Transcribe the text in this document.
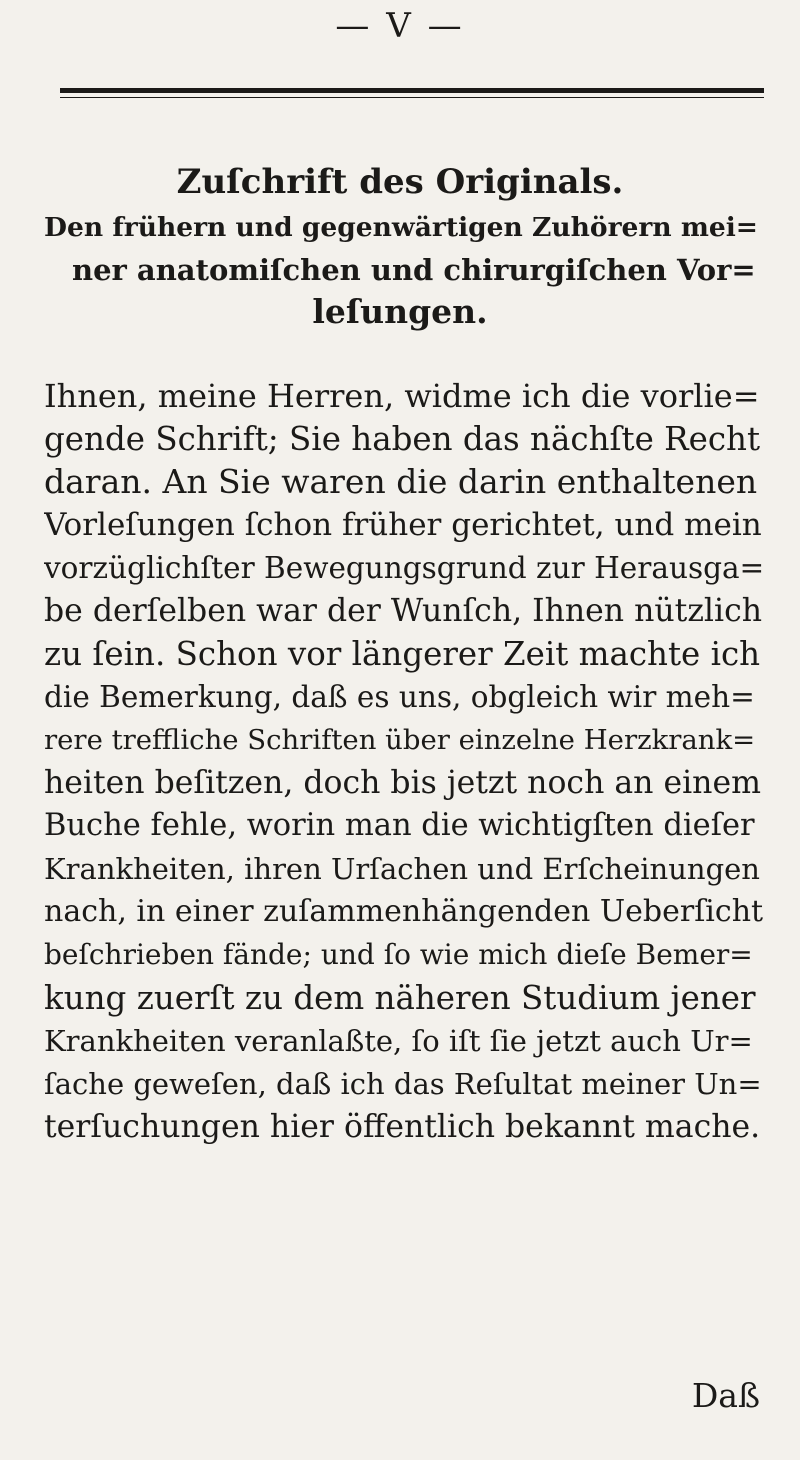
— V —
Zuſchrift des Originals.
Den frühern und gegenwärtigen Zuhörern mei=
ner anatomiſchen und chirurgiſchen Vor=
leſungen.
Ihnen, meine Herren, widme ich die vorlie=
gende Schrift; Sie haben das nächſte Recht
daran. An Sie waren die darin enthaltenen
Vorleſungen ſchon früher gerichtet, und mein
vorzüglichſter Bewegungsgrund zur Herausga=
be derſelben war der Wunſch, Ihnen nützlich
zu ſein. Schon vor längerer Zeit machte ich
die Bemerkung, daß es uns, obgleich wir meh=
rere treffliche Schriften über einzelne Herzkrank=
heiten beſitzen, doch bis jetzt noch an einem
Buche fehle, worin man die wichtigſten dieſer
Krankheiten, ihren Urſachen und Erſcheinungen
nach, in einer zuſammenhängenden Ueberſicht
beſchrieben fände; und ſo wie mich dieſe Bemer=
kung zuerſt zu dem näheren Studium jener
Krankheiten veranlaßte, ſo iſt ſie jetzt auch Ur=
ſache geweſen, daß ich das Reſultat meiner Un=
terſuchungen hier öffentlich bekannt mache.
Daß
